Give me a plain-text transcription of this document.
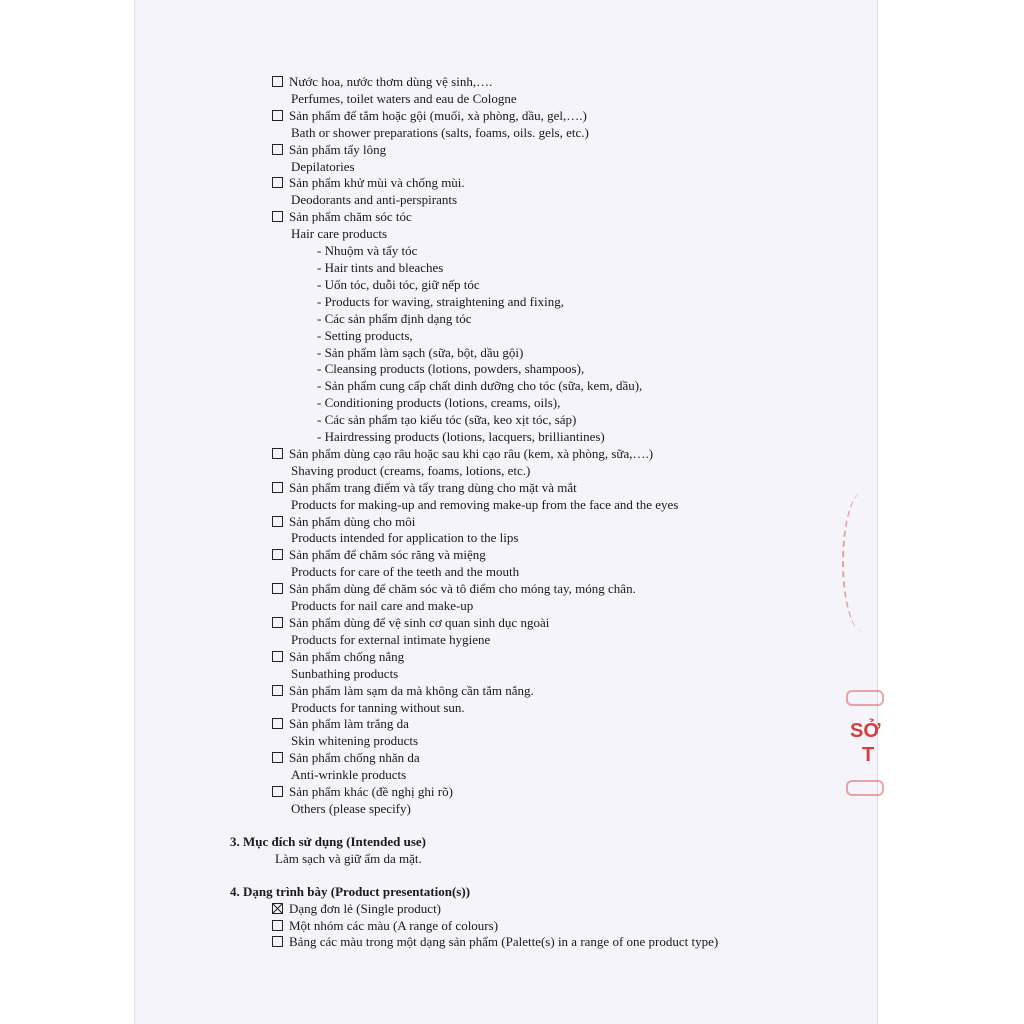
Nước hoa, nước thơm dùng vệ sinh,….
Perfumes, toilet waters and eau de Cologne
Sản phẩm để tắm hoặc gội (muối, xà phòng, dầu, gel,….)
Bath or shower preparations (salts, foams, oils. gels, etc.)
Sản phẩm tẩy lông
Depilatories
Sản phẩm khử mùi và chống mùi.
Deodorants and anti-perspirants
Sản phẩm chăm sóc tóc
Hair care products
- Nhuộm và tẩy tóc
- Hair tints and bleaches
- Uốn tóc, duỗi tóc, giữ nếp tóc
- Products for waving, straightening and fixing,
- Các sản phẩm định dạng tóc
- Setting products,
- Sản phẩm làm sạch (sữa, bột, dầu gội)
- Cleansing products (lotions, powders, shampoos),
- Sản phẩm cung cấp chất dinh dưỡng cho tóc (sữa, kem, dầu),
- Conditioning products (lotions, creams, oils),
- Các sản phẩm tạo kiểu tóc (sữa, keo xịt tóc, sáp)
- Hairdressing products (lotions, lacquers, brilliantines)
Sản phẩm dùng cạo râu hoặc sau khi cạo râu (kem, xà phòng, sữa,….)
Shaving product (creams, foams, lotions, etc.)
Sản phẩm trang điểm và tẩy trang dùng cho mặt và mắt
Products for making-up and removing make-up from the face and the eyes
Sản phẩm dùng cho môi
Products intended for application to the lips
Sản phẩm để chăm sóc răng và miệng
Products for care of the teeth and the mouth
Sản phẩm dùng để chăm sóc và tô điểm cho móng tay, móng chân.
Products for nail care and make-up
Sản phẩm dùng để vệ sinh cơ quan sinh dục ngoài
Products for external intimate hygiene
Sản phẩm chống nắng
Sunbathing products
Sản phẩm làm sạm da mà không cần tắm nắng.
Products for tanning without sun.
Sản phẩm làm trắng da
Skin whitening products
Sản phẩm chống nhăn da
Anti-wrinkle products
Sản phẩm khác (đề nghị ghi rõ)
Others (please specify)
3. Mục đích sử dụng (Intended use)
Làm sạch và giữ ẩm da mặt.
4. Dạng trình bày (Product presentation(s))
Dạng đơn lẻ (Single product)
Một nhóm các màu (A range of colours)
Bảng các màu trong một dạng sản phẩm (Palette(s) in a range of one product type)
SỞ
T
